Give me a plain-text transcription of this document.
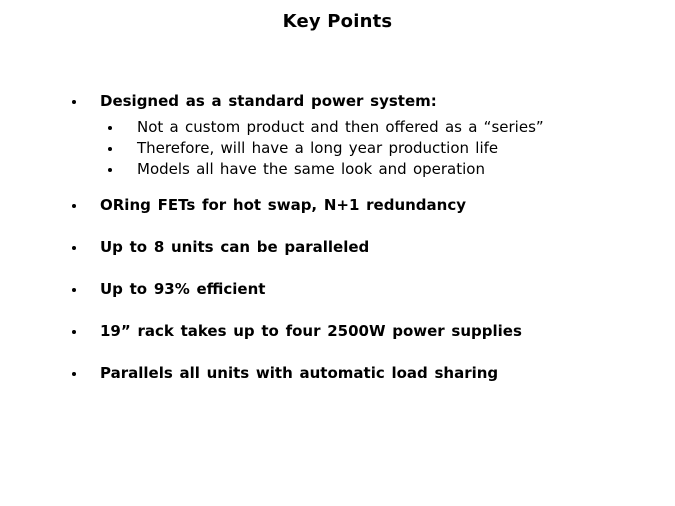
Key Points
Designed as a standard power system:
Not a custom product and then offered as a “series”
Therefore, will have a long year production life
Models all have the same look and operation
ORing FETs for hot swap, N+1 redundancy
Up to 8 units can be paralleled
Up to 93% efficient
19” rack takes up to four 2500W power supplies
Parallels all units with automatic load sharing
